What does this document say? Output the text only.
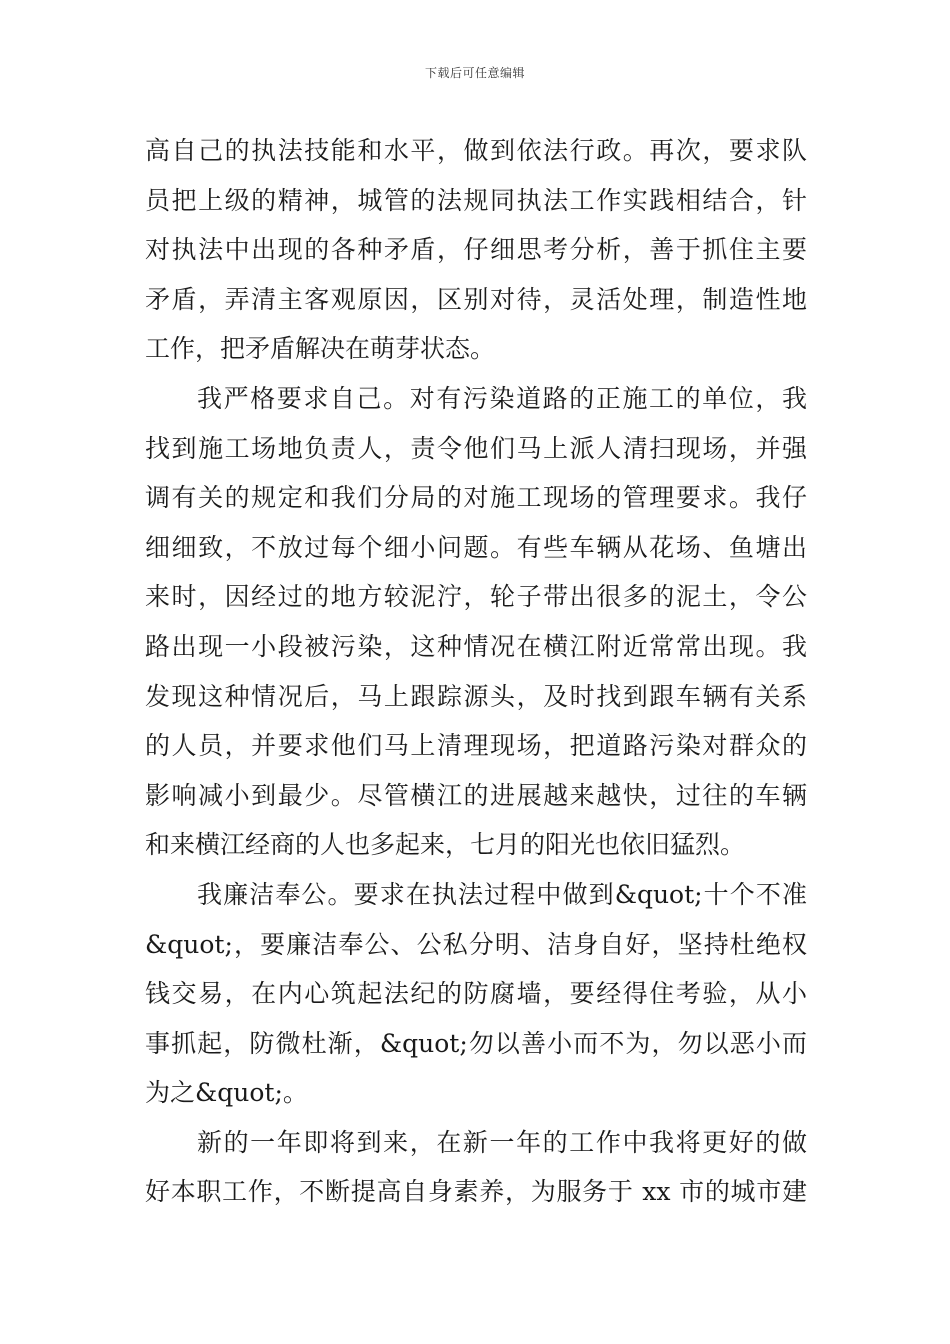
下载后可任意编辑
高自己的执法技能和水平，做到依法行政。再次，要求队
员把上级的精神，城管的法规同执法工作实践相结合，针
对执法中出现的各种矛盾，仔细思考分析，善于抓住主要
矛盾，弄清主客观原因，区别对待，灵活处理，制造性地
工作，把矛盾解决在萌芽状态。
我严格要求自己。对有污染道路的正施工的单位，我
找到施工场地负责人，责令他们马上派人清扫现场，并强
调有关的规定和我们分局的对施工现场的管理要求。我仔
细细致，不放过每个细小问题。有些车辆从花场、鱼塘出
来时，因经过的地方较泥泞，轮子带出很多的泥土，令公
路出现一小段被污染，这种情况在横江附近常常出现。我
发现这种情况后，马上跟踪源头，及时找到跟车辆有关系
的人员，并要求他们马上清理现场，把道路污染对群众的
影响减小到最少。尽管横江的进展越来越快，过往的车辆
和来横江经商的人也多起来，七月的阳光也依旧猛烈。
我廉洁奉公。要求在执法过程中做到&quot;十个不准
&quot;，要廉洁奉公、公私分明、洁身自好，坚持杜绝权
钱交易，在内心筑起法纪的防腐墙，要经得住考验，从小
事抓起，防微杜渐，&quot;勿以善小而不为，勿以恶小而
为之&quot;。
新的一年即将到来，在新一年的工作中我将更好的做
好本职工作，不断提高自身素养，为服务于 xx 市的城市建
